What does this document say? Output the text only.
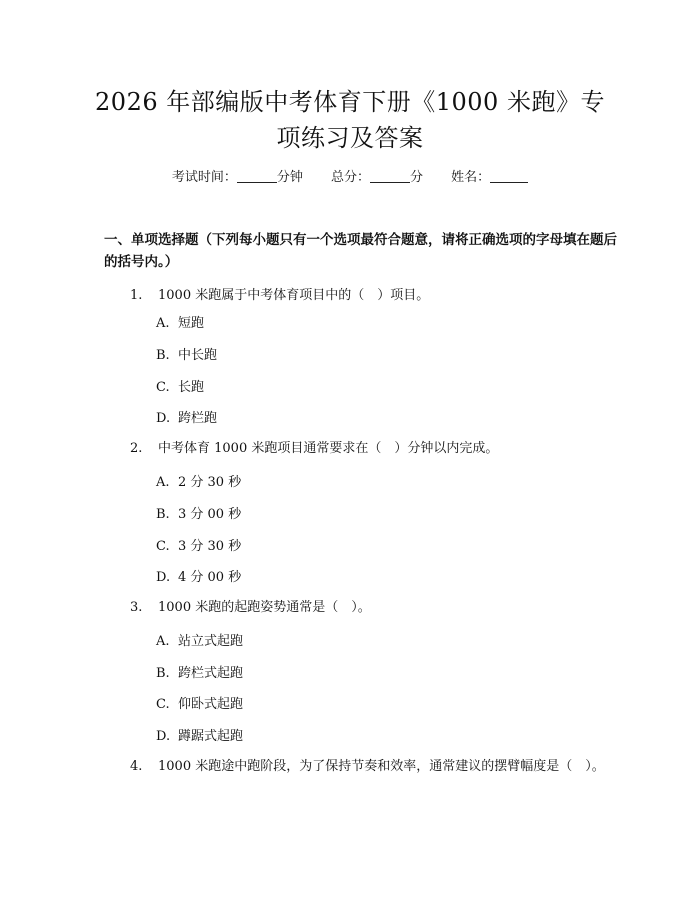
2026 年部编版中考体育下册《1000 米跑》专
项练习及答案
考试时间：	分钟 总分：	分 姓名：
一、单项选择题（下列每小题只有一个选项最符合题意，请将正确选项的字母填在题后的括号内。）
1.	1000 米跑属于中考体育项目中的（　）项目。
A. 短跑
B. 中长跑
C. 长跑
D. 跨栏跑
2.	中考体育 1000 米跑项目通常要求在（　）分钟以内完成。
A. 2 分 30 秒
B. 3 分 00 秒
C. 3 分 30 秒
D. 4 分 00 秒
3.	1000 米跑的起跑姿势通常是（　）。
A. 站立式起跑
B. 跨栏式起跑
C. 仰卧式起跑
D. 蹲踞式起跑
4.	1000 米跑途中跑阶段，为了保持节奏和效率，通常建议的摆臂幅度是（　）。
